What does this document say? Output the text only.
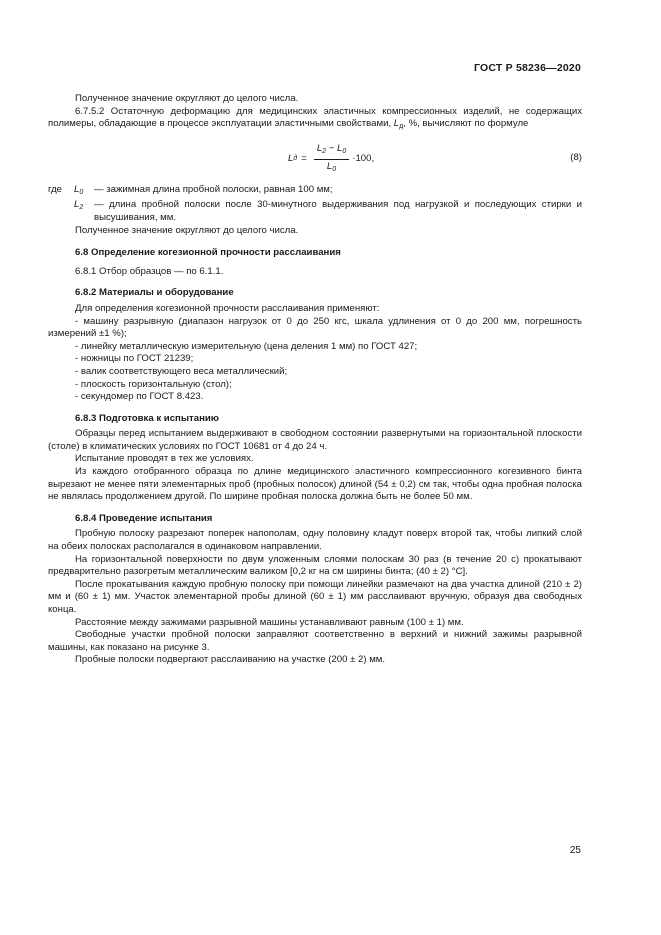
ГОСТ Р 58236—2020

Полученное значение округляют до целого числа.

6.7.5.2 Остаточную деформацию для медицинских эластичных компрессионных изделий, не содержащих полимеры, обладающие в процессе эксплуатации эластичными свойствами, $L_д$, %, вычисляют по формуле

L $д = \frac{L_2 - L_0}{L_0} \cdot 100$,	(8)
где	$L_0$	— зажимная длина пробной полоски, равная 100 мм;
$L_2$	— длина пробной полоски после 30-минутного выдерживания под нагрузкой и последующих стирки и высушивания, мм.

Полученное значение округляют до целого числа.

6.8 Определение когезионной прочности расслаивания

6.8.1 Отбор образцов — по 6.1.1.

6.8.2 Материалы и оборудование

Для определения когезионной прочности расслаивания применяют:

- машину разрывную (диапазон нагрузок от 0 до 250 кгс, шкала удлинения от 0 до 200 мм, погрешность измерений ±1 %);

- линейку металлическую измерительную (цена деления 1 мм) по ГОСТ 427;

- ножницы по ГОСТ 21239;

- валик соответствующего веса металлический;

- плоскость горизонтальную (стол);

- секундомер по ГОСТ 8.423.

6.8.3 Подготовка к испытанию

Образцы перед испытанием выдерживают в свободном состоянии развернутыми на горизонтальной плоскости (столе) в климатических условиях по ГОСТ 10681 от 4 до 24 ч.

Испытание проводят в тех же условиях.

Из каждого отобранного образца по длине медицинского эластичного компрессионного когезивного бинта вырезают не менее пяти элементарных проб (пробных полосок) длиной (54 ± 0,2) см так, чтобы одна пробная полоска не являлась продолжением другой. По ширине пробная полоска должна быть не более 50 мм.

6.8.4 Проведение испытания

Пробную полоску разрезают поперек напополам, одну половину кладут поверх второй так, чтобы липкий слой на обеих полосках располагался в одинаковом направлении.

На горизонтальной поверхности по двум уложенным слоями полоскам 30 раз (в течение 20 с) прокатывают предварительно разогретым металлическим валиком [0,2 кг на см ширины бинта; (40 ± 2) °С].

После прокатывания каждую пробную полоску при помощи линейки размечают на два участка длиной (210 ± 2) мм и (60 ± 1) мм. Участок элементарной пробы длиной (60 ± 1) мм расслаивают вручную, образуя два свободных конца.

Расстояние между зажимами разрывной машины устанавливают равным (100 ± 1) мм.

Свободные участки пробной полоски заправляют соответственно в верхний и нижний зажимы разрывной машины, как показано на рисунке 3.

Пробные полоски подвергают расслаиванию на участке (200 ± 2) мм.

25
